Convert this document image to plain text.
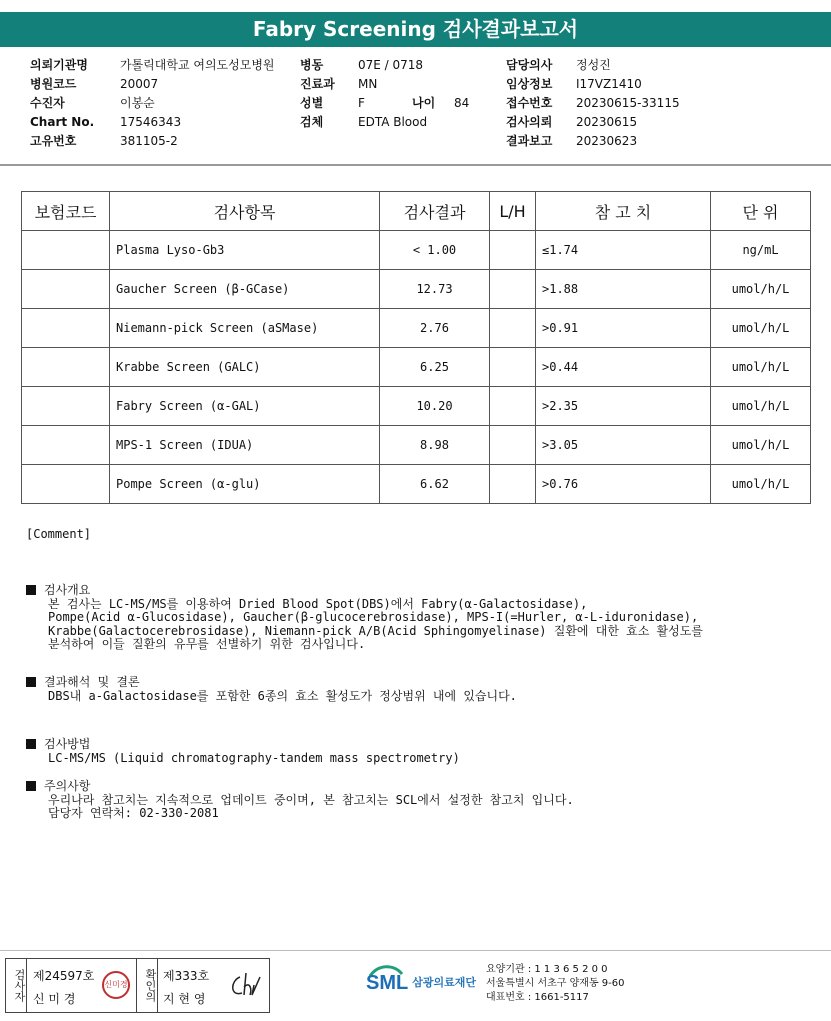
Fabry Screening 검사결과보고서
의뢰기관명	가톨릭대학교 여의도성모병원
병원코드	20007
수진자	이봉순
Chart No. 17546343
고유번호	381105-2
병동	07E / 0718
진료과 MN
성별	F	나이 84
검체	EDTA Blood
담당의사 정성진
임상정보 I17VZ1410
접수번호 20230615-33115
검사의뢰 20230615
결과보고 20230623
보험코드	검사항목	검사결과	L/H	참 고 치	단 위
	Plasma Lyso-Gb3	< 1.00		≤1.74	ng/mL
	Gaucher Screen (β-GCase)	12.73		>1.88	umol/h/L
	Niemann-pick Screen (aSMase)	2.76		>0.91	umol/h/L
	Krabbe Screen (GALC)	6.25		>0.44	umol/h/L
	Fabry Screen (α-GAL)	10.20		>2.35	umol/h/L
	MPS-1 Screen (IDUA)	8.98		>3.05	umol/h/L
	Pompe Screen (α-glu)	6.62		>0.76	umol/h/L
[Comment]
검사개요
본 검사는 LC-MS/MS를 이용하여 Dried Blood Spot(DBS)에서 Fabry(α-Galactosidase),
Pompe(Acid α-Glucosidase), Gaucher(β-glucocerebrosidase), MPS-I(=Hurler, α-L-iduronidase),
Krabbe(Galactocerebrosidase), Niemann-pick A/B(Acid Sphingomyelinase) 질환에 대한 효소 활성도를
분석하여 이들 질환의 유무를 선별하기 위한 검사입니다.
결과해석 및 결론
DBS내 a-Galactosidase를 포함한 6종의 효소 활성도가 정상범위 내에 있습니다.
검사방법
LC-MS/MS (Liquid chromatography-tandem mass spectrometry)
주의사항
우리나라 참고치는 지속적으로 업데이트 중이며, 본 참고치는 SCL에서 설정한 참고치 입니다.
담당자 연락처: 02-330-2081
검사자 제24597호
신 미 경
신미경	확인의 제333호
지 현 영
SML 삼광의료재단
요양기관 : 1 1 3 6 5 2 0 0
서울특별시 서초구 양재동 9-60
대표번호 : 1661-5117
